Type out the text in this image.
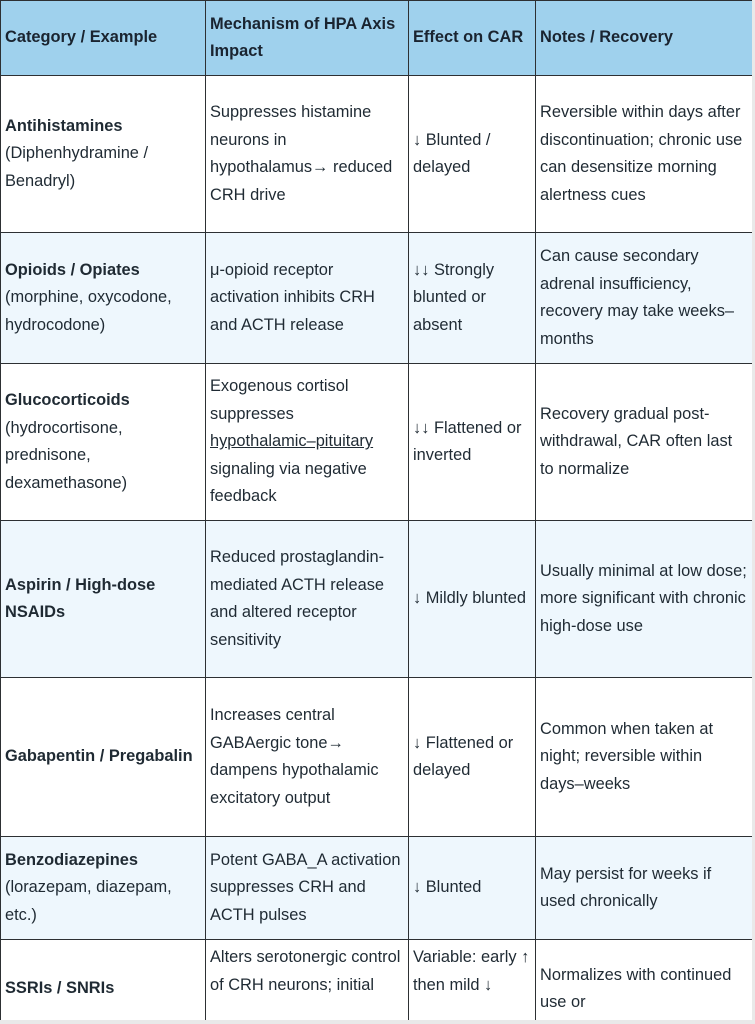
Category / Example	Mechanism of HPA Axis Impact	Effect on CAR	Notes / Recovery

Antihistamines
(Diphenhydramine / Benadryl)	Suppresses histamine neurons in hypothalamus→ reduced CRH drive	↓ Blunted / delayed	Reversible within days after discontinuation; chronic use can desensitize morning alertness cues

Opioids / Opiates
(morphine, oxycodone, hydrocodone)	μ-opioid receptor activation inhibits CRH and ACTH release	↓↓ Strongly blunted or absent	Can cause secondary adrenal insufficiency, recovery may take weeks–months

Glucocorticoids
(hydrocortisone, prednisone, dexamethasone)	Exogenous cortisol suppresses
hypothalamic–pituitary
signaling via negative feedback	↓↓ Flattened or inverted	Recovery gradual post-withdrawal, CAR often last to normalize

Aspirin / High-dose NSAIDs	Reduced prostaglandin-mediated ACTH release and altered receptor sensitivity	↓ Mildly blunted	Usually minimal at low dose; more significant with chronic high-dose use

Gabapentin / Pregabalin	Increases central GABAergic tone→ dampens hypothalamic excitatory output	↓ Flattened or delayed	Common when taken at night; reversible within days–weeks

Benzodiazepines
(lorazepam, diazepam, etc.)	Potent GABA_A activation suppresses CRH and ACTH pulses	↓ Blunted	May persist for weeks if used chronically

SSRIs / SNRIs	Alters serotonergic control of CRH neurons; initial	Variable: early ↑ then mild ↓	Normalizes with continued use or
